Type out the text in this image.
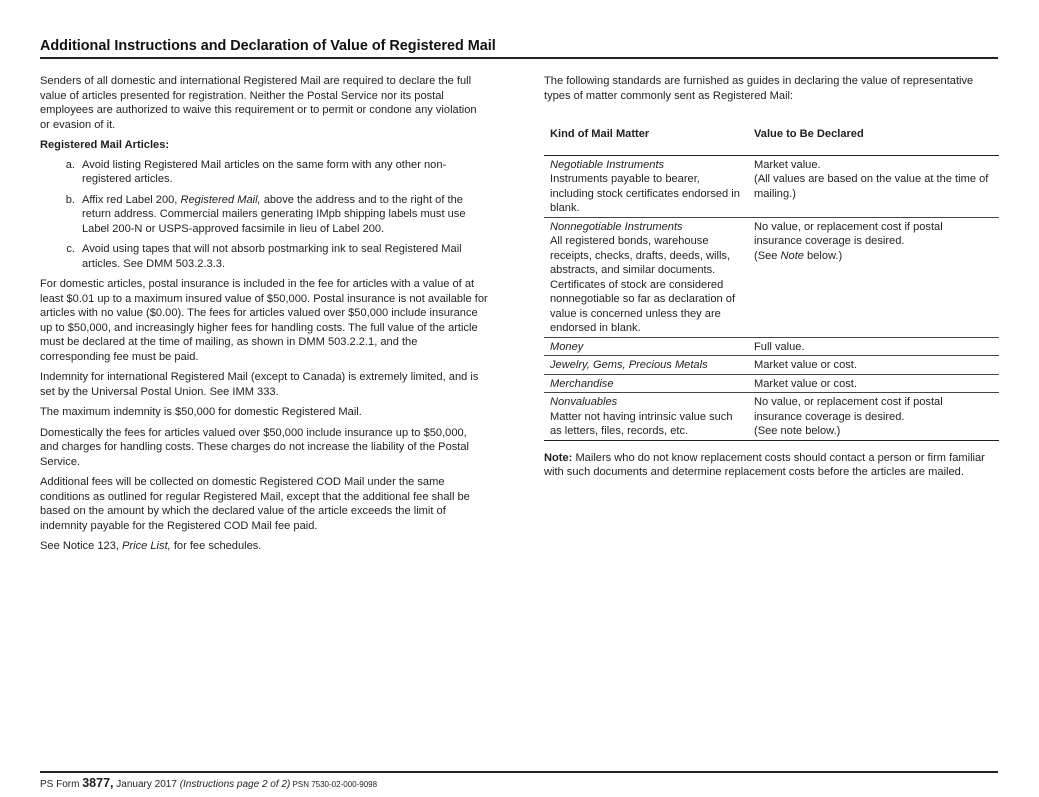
Additional Instructions and Declaration of Value of Registered Mail

Senders of all domestic and international Registered Mail are required to declare the full value of articles presented for registration. Neither the Postal Service nor its postal employees are authorized to waive this requirement or to permit or condone any violation or evasion of it.

Registered Mail Articles:

a. Avoid listing Registered Mail articles on the same form with any other non-registered articles.
b. Affix red Label 200, Registered Mail, above the address and to the right of the return address. Commercial mailers generating IMpb shipping labels must use Label 200-N or USPS-approved facsimile in lieu of Label 200.
c. Avoid using tapes that will not absorb postmarking ink to seal Registered Mail articles. See DMM 503.2.3.3.

For domestic articles, postal insurance is included in the fee for articles with a value of at least $0.01 up to a maximum insured value of $50,000. Postal insurance is not available for articles with no value ($0.00). The fees for articles valued over $50,000 include insurance up to $50,000, and increasingly higher fees for handling costs. The full value of the article must be declared at the time of mailing, as shown in DMM 503.2.2.1, and the corresponding fee must be paid.

Indemnity for international Registered Mail (except to Canada) is extremely limited, and is set by the Universal Postal Union. See IMM 333.

The maximum indemnity is $50,000 for domestic Registered Mail.

Domestically the fees for articles valued over $50,000 include insurance up to $50,000, and charges for handling costs. These charges do not increase the liability of the Postal Service.

Additional fees will be collected on domestic Registered COD Mail under the same conditions as outlined for regular Registered Mail, except that the additional fee shall be based on the amount by which the declared value of the article exceeds the limit of indemnity payable for the Registered COD Mail fee paid.

See Notice 123, Price List, for fee schedules.

The following standards are furnished as guides in declaring the value of representative types of matter commonly sent as Registered Mail:

Kind of Mail Matter	Value to Be Declared

Negotiable Instruments
Instruments payable to bearer, including stock certificates endorsed in blank.	Market value.
(All values are based on the value at the time of mailing.)

Nonnegotiable Instruments
All registered bonds, warehouse receipts, checks, drafts, deeds, wills, abstracts, and similar documents. Certificates of stock are considered nonnegotiable so far as declaration of value is concerned unless they are endorsed in blank.	No value, or replacement cost if postal insurance coverage is desired.
(See Note below.)

Money	Full value.

Jewelry, Gems, Precious Metals	Market value or cost.

Merchandise	Market value or cost.

Nonvaluables
Matter not having intrinsic value such as letters, files, records, etc.	No value, or replacement cost if postal insurance coverage is desired.
(See note below.)

Note: Mailers who do not know replacement costs should contact a person or firm familiar with such documents and determine replacement costs before the articles are mailed.

PS Form 3877, January 2017 (Instructions page 2 of 2) PSN 7530-02-000-9098
